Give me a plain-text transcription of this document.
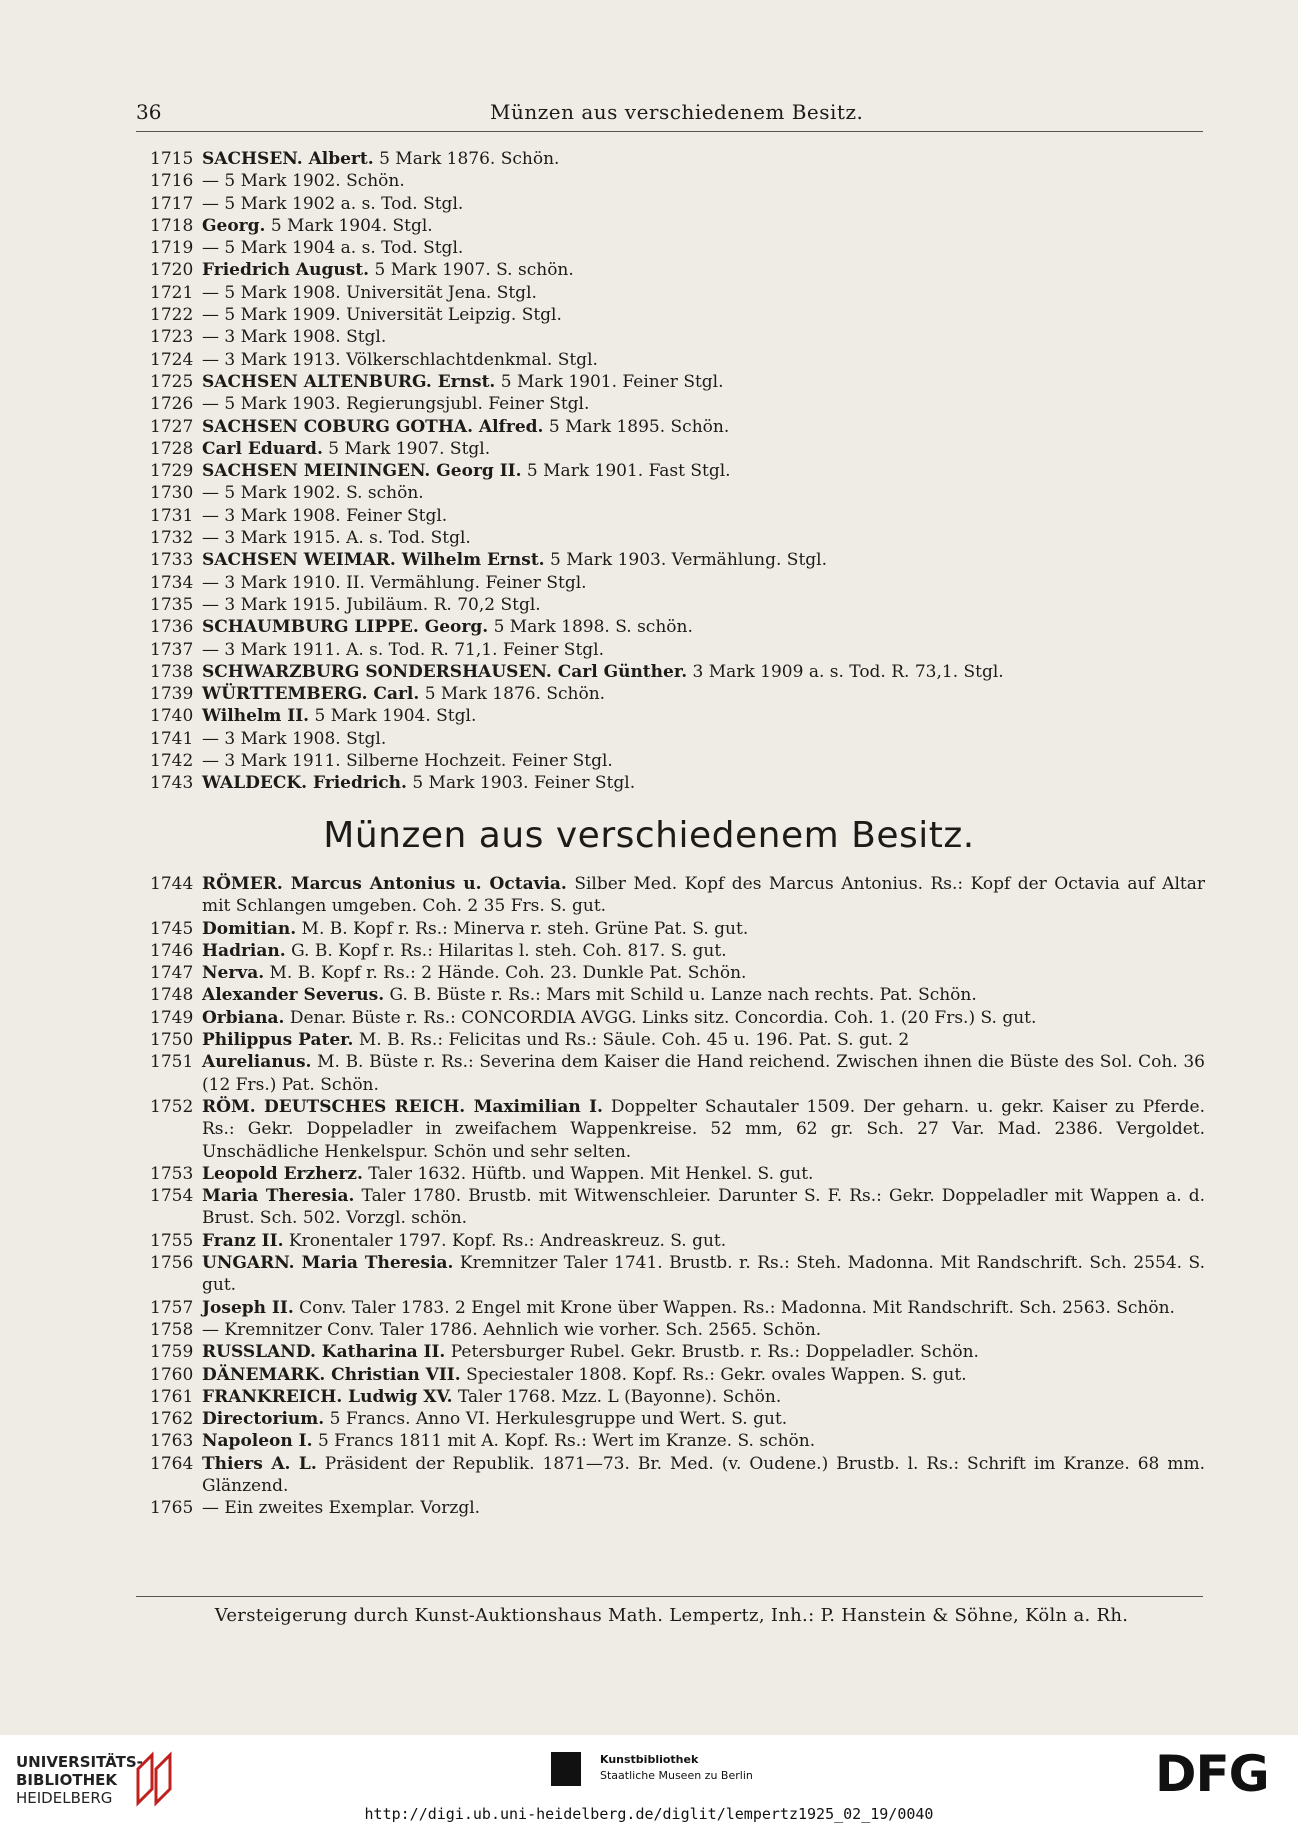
36	Münzen aus verschiedenem Besitz.
1715 SACHSEN. Albert. 5 Mark 1876. Schön.
1716 — 5 Mark 1902. Schön.
1717 — 5 Mark 1902 a. s. Tod. Stgl.
1718 Georg. 5 Mark 1904. Stgl.
1719 — 5 Mark 1904 a. s. Tod. Stgl.
1720 Friedrich August. 5 Mark 1907. S. schön.
1721 — 5 Mark 1908. Universität Jena. Stgl.
1722 — 5 Mark 1909. Universität Leipzig. Stgl.
1723 — 3 Mark 1908. Stgl.
1724 — 3 Mark 1913. Völkerschlachtdenkmal. Stgl.
1725 SACHSEN ALTENBURG. Ernst. 5 Mark 1901. Feiner Stgl.
1726 — 5 Mark 1903. Regierungsjubl. Feiner Stgl.
1727 SACHSEN COBURG GOTHA. Alfred. 5 Mark 1895. Schön.
1728 Carl Eduard. 5 Mark 1907. Stgl.
1729 SACHSEN MEININGEN. Georg II. 5 Mark 1901. Fast Stgl.
1730 — 5 Mark 1902. S. schön.
1731 — 3 Mark 1908. Feiner Stgl.
1732 — 3 Mark 1915. A. s. Tod. Stgl.
1733 SACHSEN WEIMAR. Wilhelm Ernst. 5 Mark 1903. Vermählung. Stgl.
1734 — 3 Mark 1910. II. Vermählung. Feiner Stgl.
1735 — 3 Mark 1915. Jubiläum. R. 70,2 Stgl.
1736 SCHAUMBURG LIPPE. Georg. 5 Mark 1898. S. schön.
1737 — 3 Mark 1911. A. s. Tod. R. 71,1. Feiner Stgl.
1738 SCHWARZBURG SONDERSHAUSEN. Carl Günther. 3 Mark 1909 a. s. Tod. R. 73,1. Stgl.
1739 WÜRTTEMBERG. Carl. 5 Mark 1876. Schön.
1740 Wilhelm II. 5 Mark 1904. Stgl.
1741 — 3 Mark 1908. Stgl.
1742 — 3 Mark 1911. Silberne Hochzeit. Feiner Stgl.
1743 WALDECK. Friedrich. 5 Mark 1903. Feiner Stgl.
Münzen aus verschiedenem Besitz.
1744 RÖMER. Marcus Antonius u. Octavia. Silber Med. Kopf des Marcus Antonius. Rs.: Kopf der Octavia auf Altar mit Schlangen umgeben. Coh. 2 35 Frs. S. gut.
1745 Domitian. M. B. Kopf r. Rs.: Minerva r. steh. Grüne Pat. S. gut.
1746 Hadrian. G. B. Kopf r. Rs.: Hilaritas l. steh. Coh. 817. S. gut.
1747 Nerva. M. B. Kopf r. Rs.: 2 Hände. Coh. 23. Dunkle Pat. Schön.
1748 Alexander Severus. G. B. Büste r. Rs.: Mars mit Schild u. Lanze nach rechts. Pat. Schön.
1749 Orbiana. Denar. Büste r. Rs.: CONCORDIA AVGG. Links sitz. Concordia. Coh. 1. (20 Frs.) S. gut.
1750 Philippus Pater. M. B. Rs.: Felicitas und Rs.: Säule. Coh. 45 u. 196. Pat. S. gut. 2
1751 Aurelianus. M. B. Büste r. Rs.: Severina dem Kaiser die Hand reichend. Zwischen ihnen die Büste des Sol. Coh. 36 (12 Frs.) Pat. Schön.
1752 RÖM. DEUTSCHES REICH. Maximilian I. Doppelter Schautaler 1509. Der geharn. u. gekr. Kaiser zu Pferde. Rs.: Gekr. Doppeladler in zweifachem Wappenkreise. 52 mm, 62 gr. Sch. 27 Var. Mad. 2386. Vergoldet. Unschädliche Henkelspur. Schön und sehr selten.
1753 Leopold Erzherz. Taler 1632. Hüftb. und Wappen. Mit Henkel. S. gut.
1754 Maria Theresia. Taler 1780. Brustb. mit Witwenschleier. Darunter S. F. Rs.: Gekr. Doppeladler mit Wappen a. d. Brust. Sch. 502. Vorzgl. schön.
1755 Franz II. Kronentaler 1797. Kopf. Rs.: Andreaskreuz. S. gut.
1756 UNGARN. Maria Theresia. Kremnitzer Taler 1741. Brustb. r. Rs.: Steh. Madonna. Mit Randschrift. Sch. 2554. S. gut.
1757 Joseph II. Conv. Taler 1783. 2 Engel mit Krone über Wappen. Rs.: Madonna. Mit Randschrift. Sch. 2563. Schön.
1758 — Kremnitzer Conv. Taler 1786. Aehnlich wie vorher. Sch. 2565. Schön.
1759 RUSSLAND. Katharina II. Petersburger Rubel. Gekr. Brustb. r. Rs.: Doppeladler. Schön.
1760 DÄNEMARK. Christian VII. Speciestaler 1808. Kopf. Rs.: Gekr. ovales Wappen. S. gut.
1761 FRANKREICH. Ludwig XV. Taler 1768. Mzz. L (Bayonne). Schön.
1762 Directorium. 5 Francs. Anno VI. Herkulesgruppe und Wert. S. gut.
1763 Napoleon I. 5 Francs 1811 mit A. Kopf. Rs.: Wert im Kranze. S. schön.
1764 Thiers A. L. Präsident der Republik. 1871—73. Br. Med. (v. Oudene.) Brustb. l. Rs.: Schrift im Kranze. 68 mm. Glänzend.
1765 — Ein zweites Exemplar. Vorzgl.
Versteigerung durch Kunst-Auktionshaus Math. Lempertz, Inh.: P. Hanstein & Söhne, Köln a. Rh.
UNIVERSITÄTS-
BIBLIOTHEK
HEIDELBERG
Kunstbibliothek
Staatliche Museen zu Berlin	DFG
http://digi.ub.uni-heidelberg.de/diglit/lempertz1925_02_19/0040
